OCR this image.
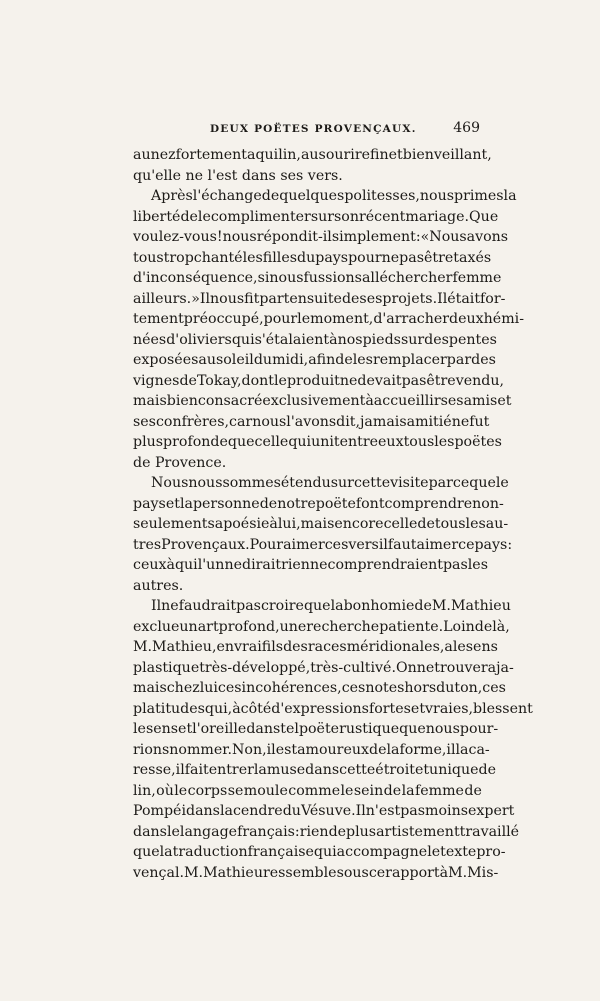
DEUX POËTES PROVENÇAUX.	469
au nez fortement aquilin, au sourire fin et bienveillant,
qu'elle ne l'est dans ses vers.
Après l'échange de quelques politesses, nous primes la
liberté de le complimenter sur son récent mariage. Que
voulez-vous ! nous répondit-il simplement : « Nous avons
tous trop chanté les filles du pays pour ne pas être taxés
d'inconséquence, si nous fussions allé chercher femme
ailleurs. » Il nous fit part ensuite de ses projets. Il était for-
tement préoccupé, pour le moment, d'arracher deux hémi-
nées d'oliviers qui s'étalaient à nos pieds sur des pentes
exposées au soleil du midi, afin de les remplacer par des
vignes de Tokay, dont le produit ne devait pas être vendu,
mais bien consacré exclusivement à accueillir ses amis et
ses confrères, car nous l'avons dit, jamais amitié ne fut
plus profonde que celle qui unit entre eux tous les poëtes
de Provence.
Nous nous sommes étendu sur cette visite parce que le
pays et la personne de notre poëte font comprendre non-
seulement sa poésie à lui, mais encore celle de tous les au-
tres Provençaux. Pour aimer ces vers il faut aimer ce pays :
ceux à qui l'un ne dirait rien ne comprendraient pas les
autres.
Il ne faudrait pas croire que la bonhomie de M. Mathieu
exclue un art profond, une recherche patiente. Loin de là,
M. Mathieu, en vrai fils des races méridionales, a le sens
plastique très-développé, très-cultivé. On ne trouvera ja-
mais chez lui ces incohérences, ces notes hors du ton, ces
platitudes qui, à côté d'expressions fortes et vraies, blessent
le sens et l'oreille dans tel poëte rustique que nous pour-
rions nommer. Non, il est amoureux de la forme, il la ca-
resse, il fait entrer la muse dans cette étroite tunique de
lin, où le corps se moule comme le sein de la femme de
Pompéi dans la cendre du Vésuve. Il n'est pas moins expert
dans le langage français : rien de plus artistement travaillé
que la traduction française qui accompagne le texte pro-
vençal. M. Mathieu ressemble sous ce rapport à M. Mis-
